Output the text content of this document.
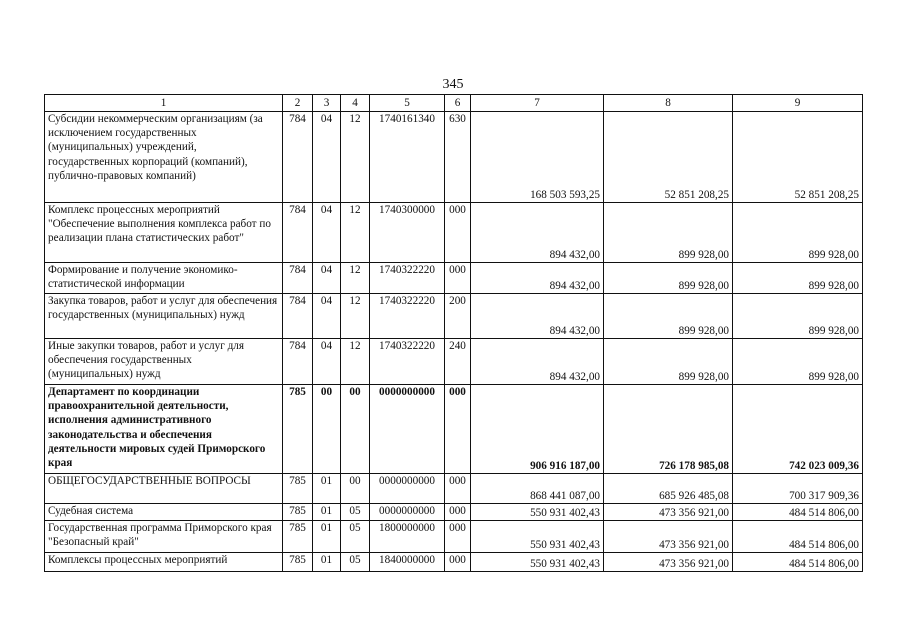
345
1	2	3	4	5	6	7	8	9
Субсидии некоммерческим организациям (за исключением государственных (муниципальных) учреждений, государственных корпораций (компаний), публично-правовых компаний)	784	04	12	1740161340	630	168 503 593,25	52 851 208,25	52 851 208,25
Комплекс процессных мероприятий "Обеспечение выполнения комплекса работ по реализации плана статистических работ"	784	04	12	1740300000	000	894 432,00	899 928,00	899 928,00
Формирование и получение экономико-статистической информации	784	04	12	1740322220	000	894 432,00	899 928,00	899 928,00
Закупка товаров, работ и услуг для обеспечения государственных (муниципальных) нужд	784	04	12	1740322220	200	894 432,00	899 928,00	899 928,00
Иные закупки товаров, работ и услуг для обеспечения государственных (муниципальных) нужд	784	04	12	1740322220	240	894 432,00	899 928,00	899 928,00
Департамент по координации правоохранительной деятельности, исполнения административного законодательства и обеспечения деятельности мировых судей Приморского края	785	00	00	0000000000	000	906 916 187,00	726 178 985,08	742 023 009,36
ОБЩЕГОСУДАРСТВЕННЫЕ ВОПРОСЫ	785	01	00	0000000000	000	868 441 087,00	685 926 485,08	700 317 909,36
Судебная система	785	01	05	0000000000	000	550 931 402,43	473 356 921,00	484 514 806,00
Государственная программа Приморского края "Безопасный край"	785	01	05	1800000000	000	550 931 402,43	473 356 921,00	484 514 806,00
Комплексы процессных мероприятий	785	01	05	1840000000	000	550 931 402,43	473 356 921,00	484 514 806,00
